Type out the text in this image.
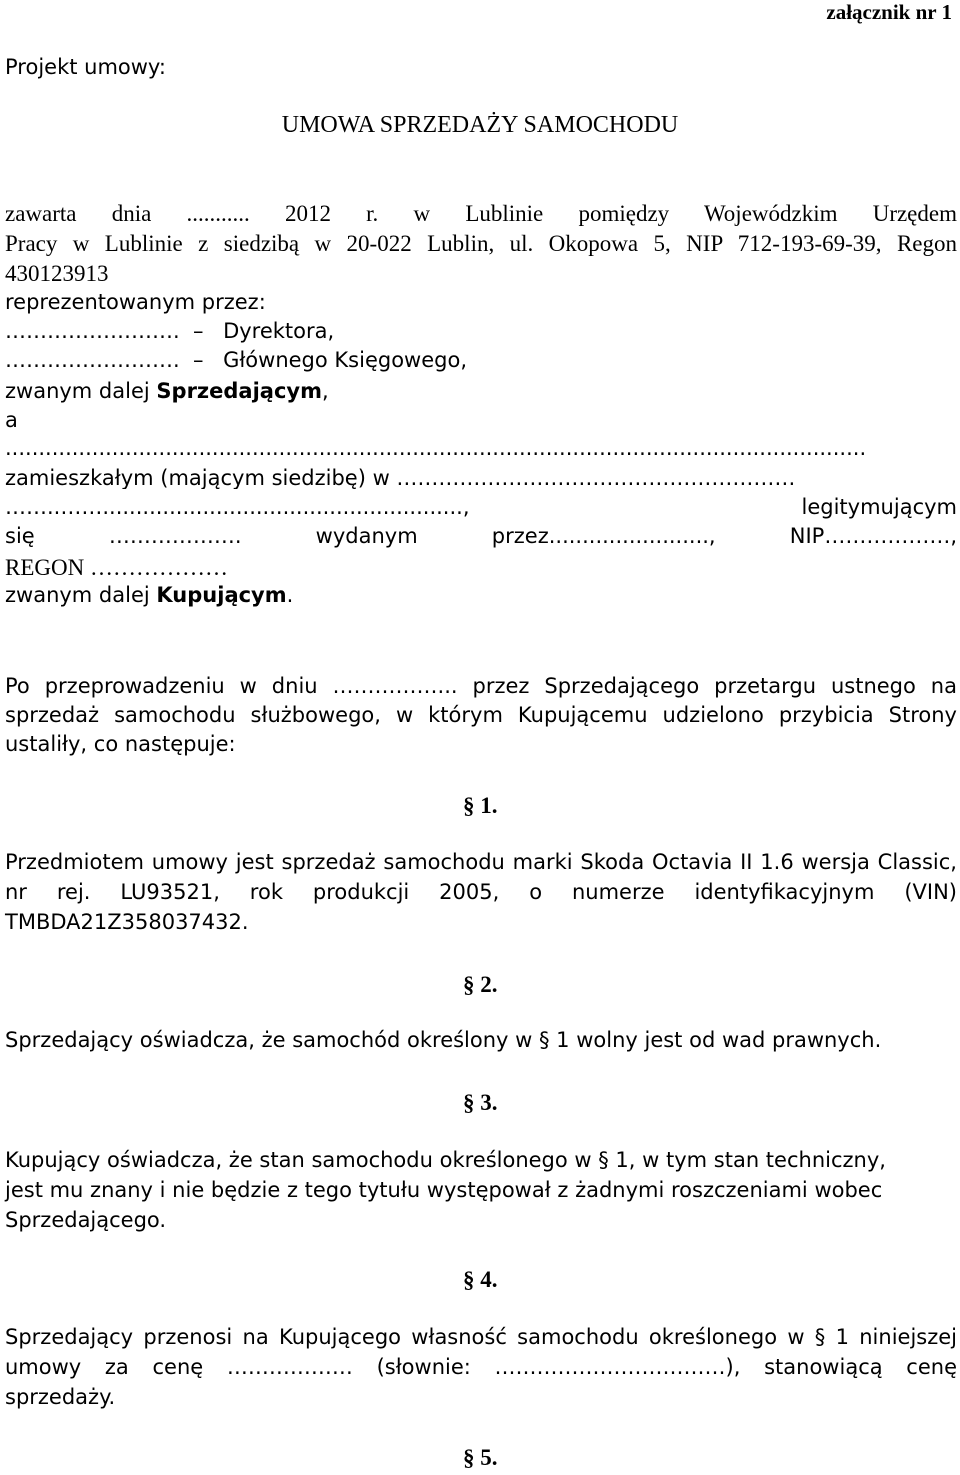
załącznik nr 1
Projekt umowy:
UMOWA SPRZEDAŻY SAMOCHODU
zawarta dnia ........... 2012 r. w Lublinie pomiędzy Wojewódzkim Urzędem
Pracy w Lublinie z siedzibą w 20-022 Lublin, ul. Okopowa 5, NIP 712-193-69-39, Regon
430123913
reprezentowanym przez:
…………………….  – Dyrektora,
…………………….  – Głównego Księgowego,
zwanym dalej Sprzedającym,
a
.................................................................................................................................
zamieszkałym (mającym siedzibę) w …………………………………………………
……..……......................................................,	legitymującym
się ………………. wydanym przez........................, NIP………………,
REGON ………………
zwanym dalej Kupującym.
Po przeprowadzeniu w dniu ……………... przez Sprzedającego przetargu ustnego na
sprzedaż samochodu służbowego, w którym Kupującemu udzielono przybicia Strony
ustaliły, co następuje:
§ 1.
Przedmiotem umowy jest sprzedaż samochodu marki Skoda Octavia II 1.6 wersja Classic,
nr rej. LU93521, rok produkcji 2005, o numerze identyfikacyjnym (VIN)
TMBDA21Z358037432.
§ 2.
Sprzedający oświadcza, że samochód określony w § 1 wolny jest od wad prawnych.
§ 3.
Kupujący oświadcza, że stan samochodu określonego w § 1, w tym stan techniczny,
jest mu znany i nie będzie z tego tytułu występował z żadnymi roszczeniami wobec
Sprzedającego.
§ 4.
Sprzedający przenosi na Kupującego własność samochodu określonego w § 1 niniejszej
umowy za cenę ……………… (słownie: ……………………………), stanowiącą cenę
sprzedaży.
§ 5.
